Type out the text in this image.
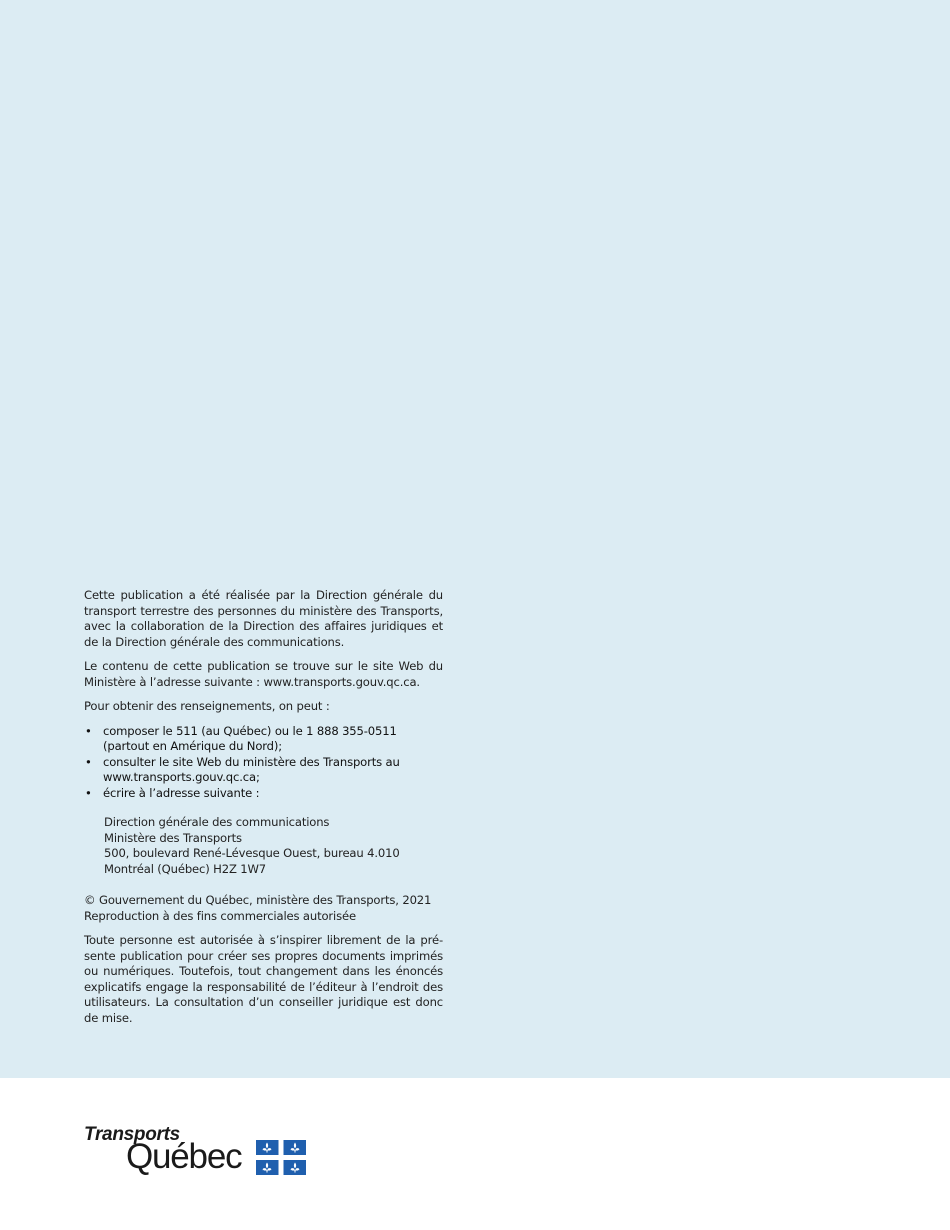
Cette publication a été réalisée par la Direction générale du transport terrestre des personnes du ministère des Transports, avec la collaboration de la Direction des affaires juridiques et de la Direction générale des communications.

Le contenu de cette publication se trouve sur le site Web du Ministère à l’adresse suivante : www.transports.gouv.qc.ca.

Pour obtenir des renseignements, on peut :

• composer le 511 (au Québec) ou le 1 888 355-0511 (partout en Amérique du Nord);
• consulter le site Web du ministère des Transports au www.transports.gouv.qc.ca;
• écrire à l’adresse suivante :
Direction générale des communications
Ministère des Transports
500, boulevard René-Lévesque Ouest, bureau 4.010
Montréal (Québec) H2Z 1W7

© Gouvernement du Québec, ministère des Transports, 2021
Reproduction à des fins commerciales autorisée

Toute personne est autorisée à s’inspirer librement de la pré-sente publication pour créer ses propres documents imprimés ou numériques. Toutefois, tout changement dans les énoncés explicatifs engage la responsabilité de l’éditeur à l’endroit des utilisateurs. La consultation d’un conseiller juridique est donc de mise.

Transports
Québec
